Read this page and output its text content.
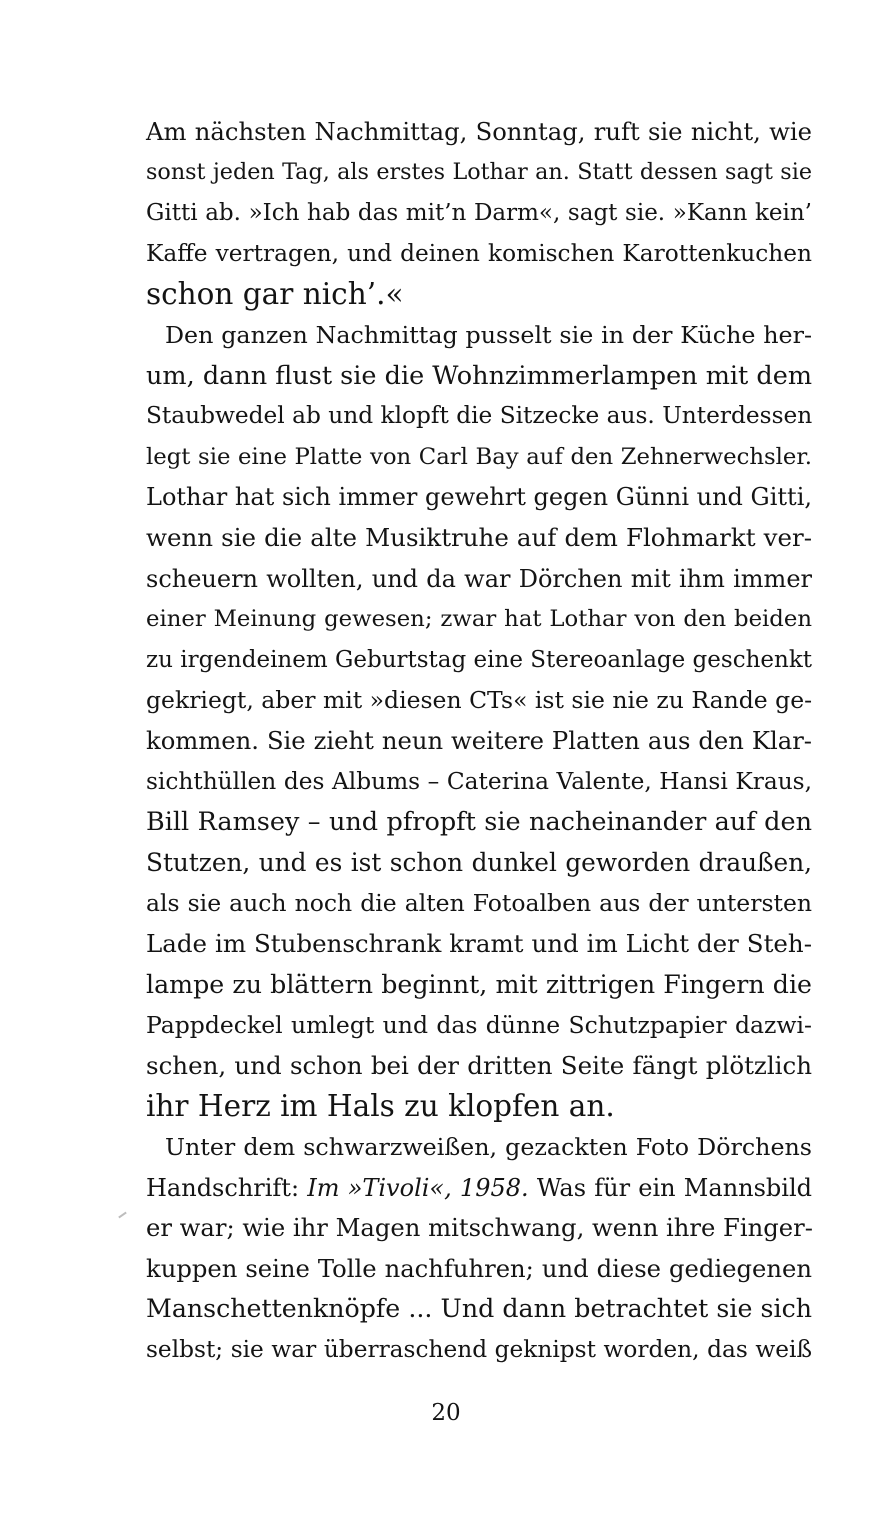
Am nächsten Nachmittag, Sonntag, ruft sie nicht, wie
sonst jeden Tag, als erstes Lothar an. Statt dessen sagt sie
Gitti ab. »Ich hab das mit’n Darm«, sagt sie. »Kann kein’
Kaffe vertragen, und deinen komischen Karottenkuchen
schon gar nich’.«
Den ganzen Nachmittag pusselt sie in der Küche her-
um, dann flust sie die Wohnzimmerlampen mit dem
Staubwedel ab und klopft die Sitzecke aus. Unterdessen
legt sie eine Platte von Carl Bay auf den Zehnerwechsler.
Lothar hat sich immer gewehrt gegen Günni und Gitti,
wenn sie die alte Musiktruhe auf dem Flohmarkt ver-
scheuern wollten, und da war Dörchen mit ihm immer
einer Meinung gewesen; zwar hat Lothar von den beiden
zu irgendeinem Geburtstag eine Stereoanlage geschenkt
gekriegt, aber mit »diesen CTs« ist sie nie zu Rande ge-
kommen. Sie zieht neun weitere Platten aus den Klar-
sichthüllen des Albums – Caterina Valente, Hansi Kraus,
Bill Ramsey – und pfropft sie nacheinander auf den
Stutzen, und es ist schon dunkel geworden draußen,
als sie auch noch die alten Fotoalben aus der untersten
Lade im Stubenschrank kramt und im Licht der Steh-
lampe zu blättern beginnt, mit zittrigen Fingern die
Pappdeckel umlegt und das dünne Schutzpapier dazwi-
schen, und schon bei der dritten Seite fängt plötzlich
ihr Herz im Hals zu klopfen an.
Unter dem schwarzweißen, gezackten Foto Dörchens
Handschrift: Im »Tivoli«, 1958. Was für ein Mannsbild
er war; wie ihr Magen mitschwang, wenn ihre Finger-
kuppen seine Tolle nachfuhren; und diese gediegenen
Manschettenknöpfe ... Und dann betrachtet sie sich
selbst; sie war überraschend geknipst worden, das weiß
20
